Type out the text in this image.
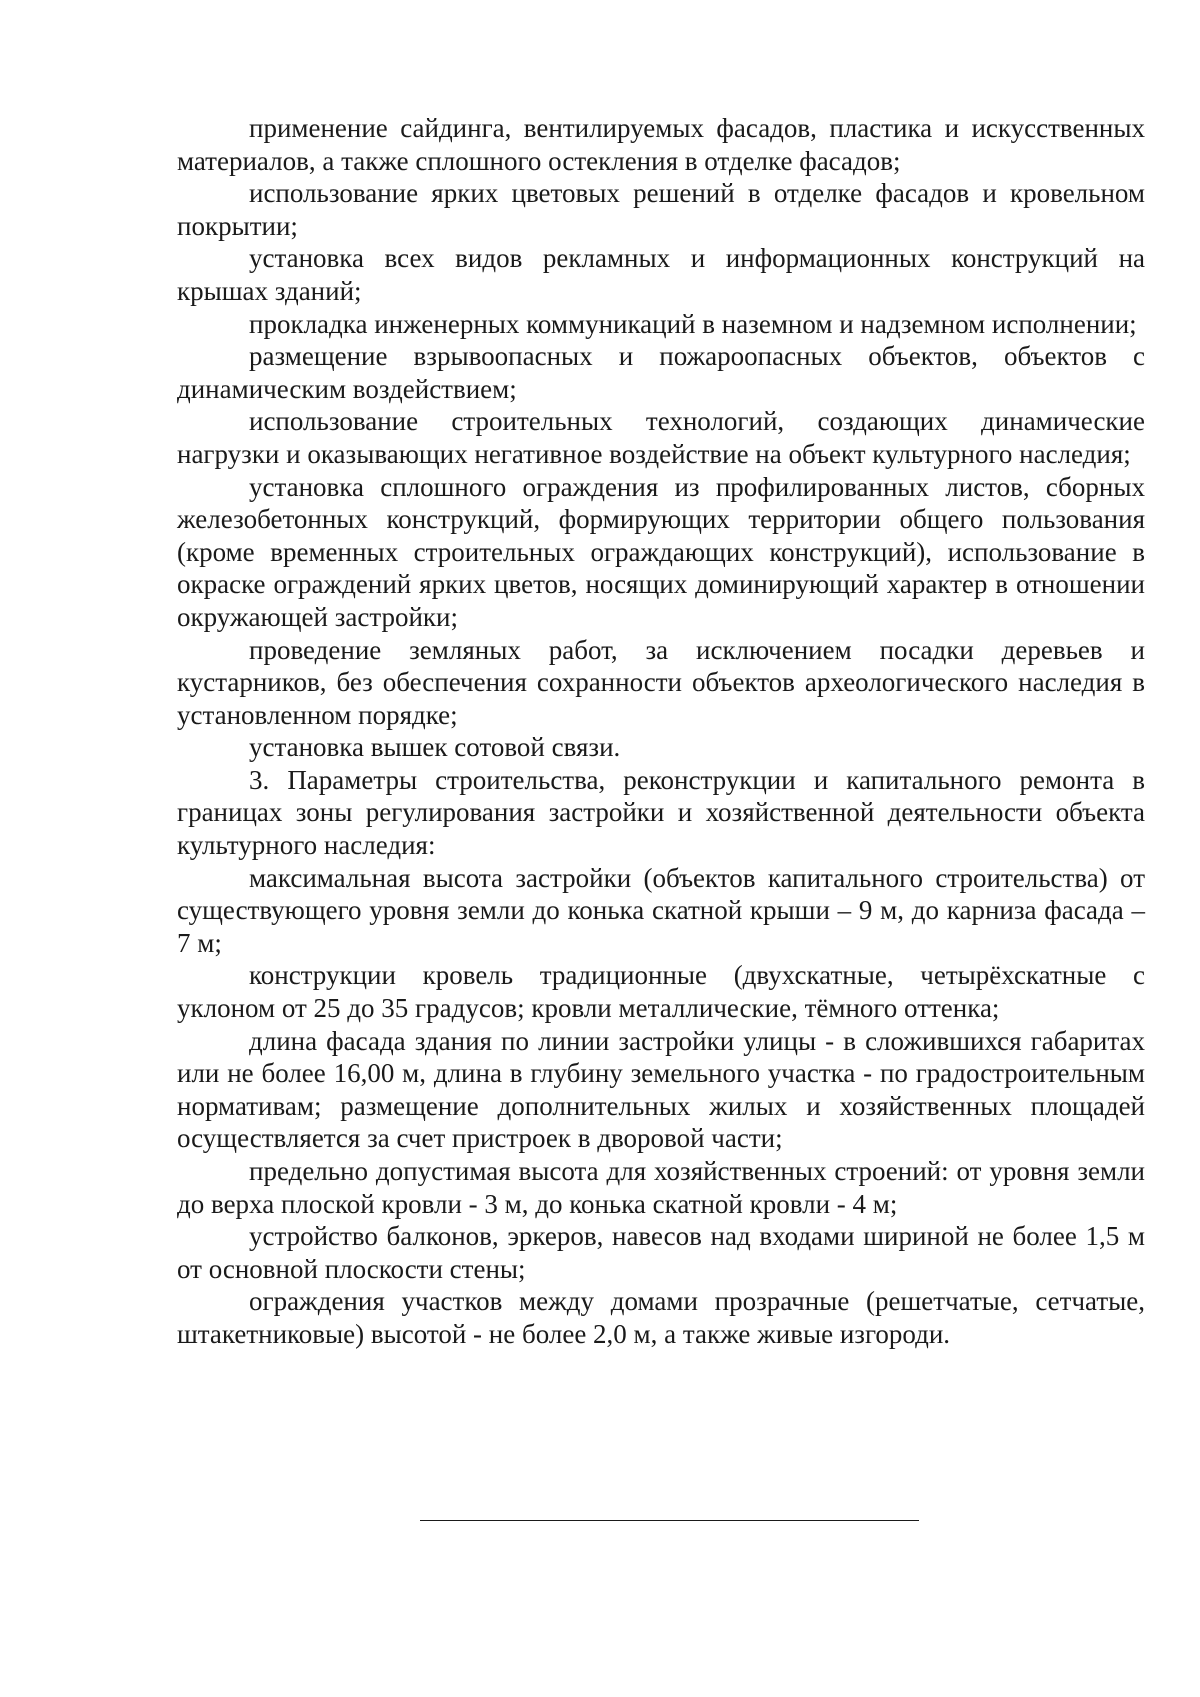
применение сайдинга, вентилируемых фасадов, пластика и искусственных материалов, а также сплошного остекления в отделке фасадов;

использование ярких цветовых решений в отделке фасадов и кровельном покрытии;

установка всех видов рекламных и информационных конструкций на крышах зданий;

прокладка инженерных коммуникаций в наземном и надземном исполнении;

размещение взрывоопасных и пожароопасных объектов, объектов с динамическим воздействием;

использование строительных технологий, создающих динамические нагрузки и оказывающих негативное воздействие на объект культурного наследия;

установка сплошного ограждения из профилированных листов, сборных железобетонных конструкций, формирующих территории общего пользования (кроме временных строительных ограждающих конструкций), использование в окраске ограждений ярких цветов, носящих доминирующий характер в отношении окружающей застройки;

проведение земляных работ, за исключением посадки деревьев и кустарников, без обеспечения сохранности объектов археологического наследия в установленном порядке;

установка вышек сотовой связи.

3. Параметры строительства, реконструкции и капитального ремонта в границах зоны регулирования застройки и хозяйственной деятельности объекта культурного наследия:

максимальная высота застройки (объектов капитального строительства) от существующего уровня земли до конька скатной крыши – 9 м, до карниза фасада – 7 м;

конструкции кровель традиционные (двухскатные, четырёхскатные с уклоном от 25 до 35 градусов; кровли металлические, тёмного оттенка;

длина фасада здания по линии застройки улицы - в сложившихся габаритах или не более 16,00 м, длина в глубину земельного участка - по градостроительным нормативам; размещение дополнительных жилых и хозяйственных площадей осуществляется за счет пристроек в дворовой части;

предельно допустимая высота для хозяйственных строений: от уровня земли до верха плоской кровли - 3 м, до конька скатной кровли - 4 м;

устройство балконов, эркеров, навесов над входами шириной не более 1,5 м от основной плоскости стены;

ограждения участков между домами прозрачные (решетчатые, сетчатые, штакетниковые) высотой - не более 2,0 м, а также живые изгороди.
